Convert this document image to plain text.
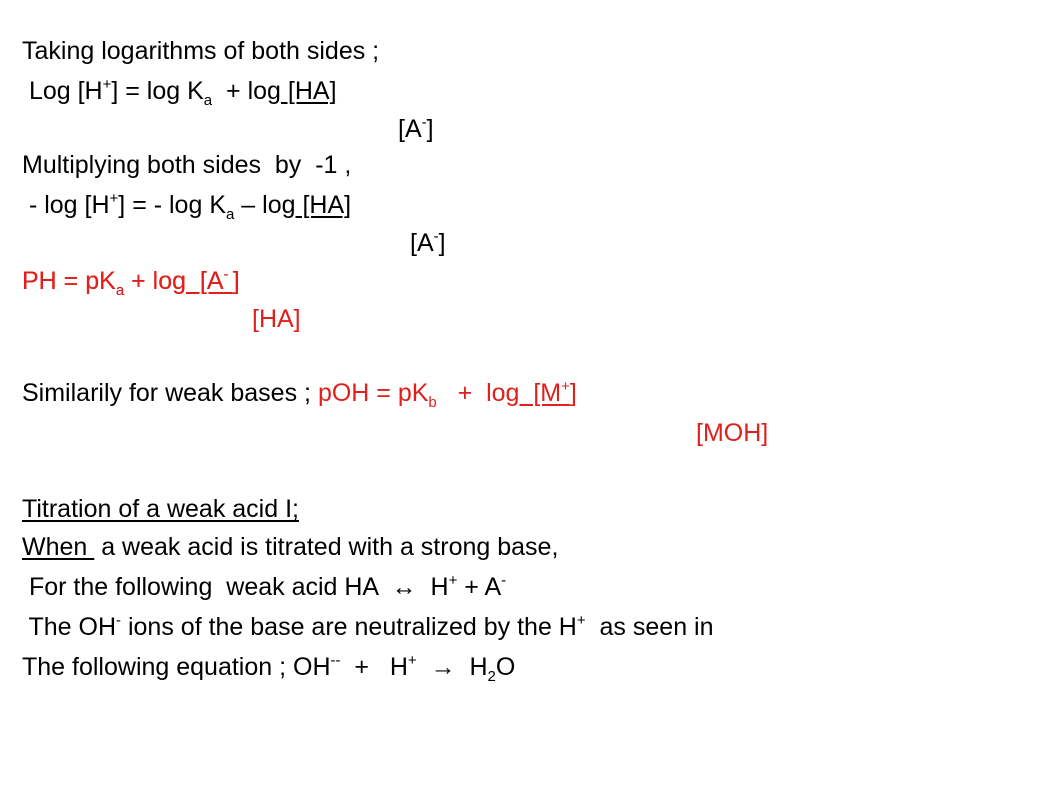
Taking logarithms of both sides ;
Log $[H^+] = \log K_a + \log [HA]$
[A-]
Multiplying both sides  by  -1 ,
- log [H+] = - $\log K_a$ – log [HA]
[A-]
PH = $pK_a + \log [A^-$ ]
[HA]
Similarily for weak bases ; pOH = $pK_b + \log [M^+]$
[MOH]
Titration of a weak acid I;
When  a weak acid is titrated with a strong base,
For the following  weak acid HA  ↔  H+ + A-
The OH- ions of the base are neutralized by the H+  as seen in
The following equation ; $OH^{--} + H^+ \to H_2O$
